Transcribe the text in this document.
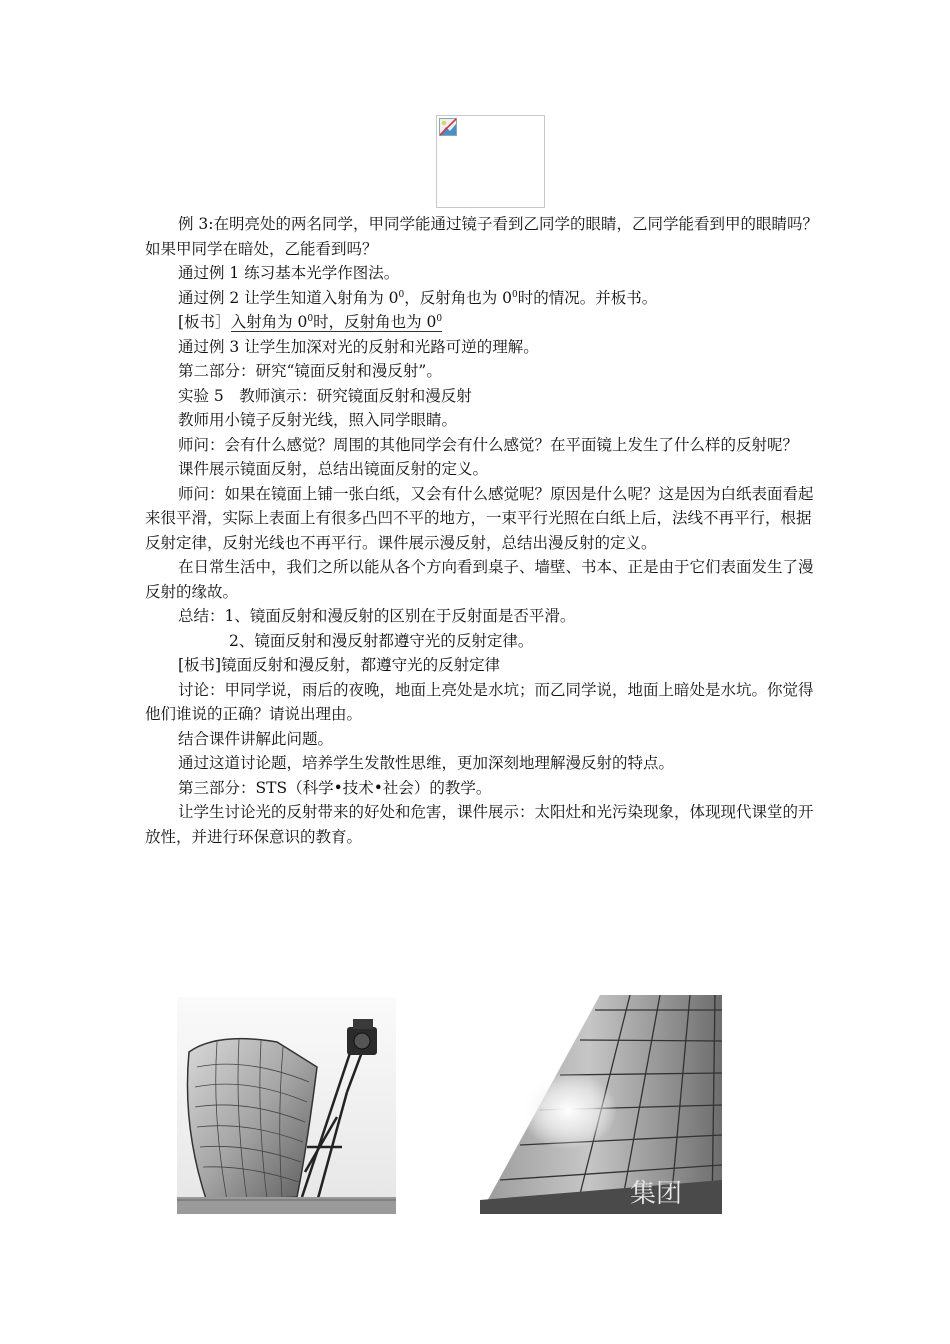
例 3:在明亮处的两名同学，甲同学能通过镜子看到乙同学的眼睛，乙同学能看到甲的眼睛吗？如果甲同学在暗处，乙能看到吗？

通过例 1 练习基本光学作图法。

通过例 2 让学生知道入射角为 $0^0$，反射角也为 $0^0$时的情况。并板书。

[板书］入射角为 $0^0$时，反射角也为 $0^0$

通过例 3 让学生加深对光的反射和光路可逆的理解。

第二部分：研究“镜面反射和漫反射”。

实验 5　教师演示：研究镜面反射和漫反射

教师用小镜子反射光线，照入同学眼睛。

师问：会有什么感觉？周围的其他同学会有什么感觉？在平面镜上发生了什么样的反射呢？

课件展示镜面反射，总结出镜面反射的定义。

师问：如果在镜面上铺一张白纸，又会有什么感觉呢？原因是什么呢？这是因为白纸表面看起来很平滑，实际上表面上有很多凸凹不平的地方，一束平行光照在白纸上后，法线不再平行，根据反射定律，反射光线也不再平行。课件展示漫反射，总结出漫反射的定义。

在日常生活中，我们之所以能从各个方向看到桌子、墙壁、书本、正是由于它们表面发生了漫反射的缘故。

总结：1、镜面反射和漫反射的区别在于反射面是否平滑。

2、镜面反射和漫反射都遵守光的反射定律。

[板书]镜面反射和漫反射，都遵守光的反射定律

讨论：甲同学说，雨后的夜晚，地面上亮处是水坑；而乙同学说，地面上暗处是水坑。你觉得他们谁说的正确？请说出理由。

结合课件讲解此问题。

通过这道讨论题，培养学生发散性思维，更加深刻地理解漫反射的特点。

第三部分：STS（科学•技术•社会）的教学。

让学生讨论光的反射带来的好处和危害，课件展示：太阳灶和光污染现象，体现现代课堂的开放性，并进行环保意识的教育。

集团
